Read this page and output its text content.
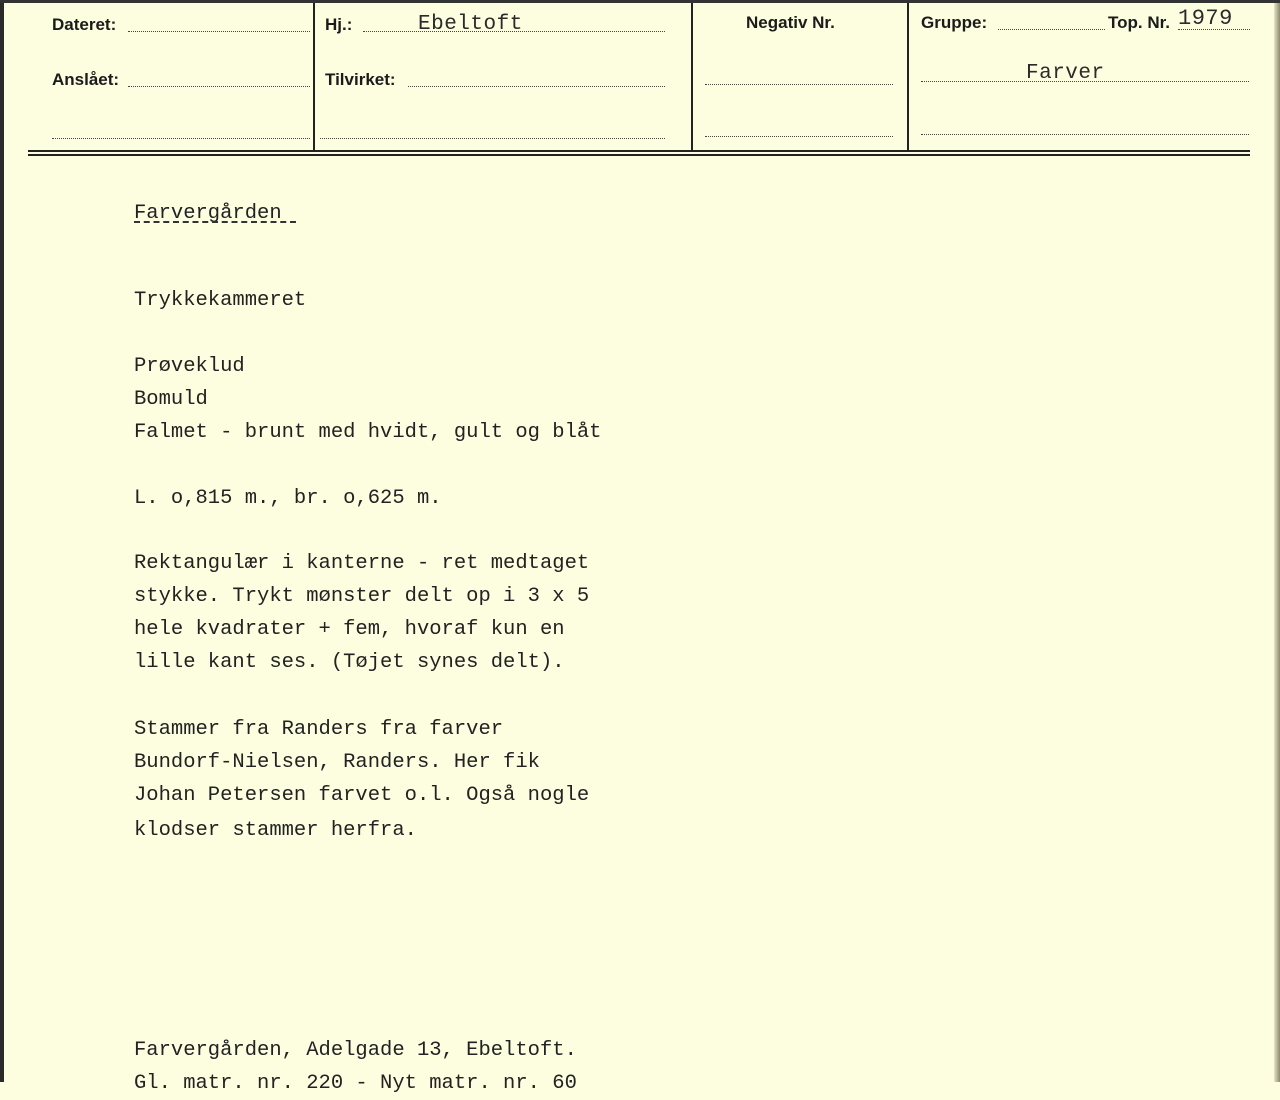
Dateret:
Anslået:
Hj.:	Ebeltoft
Tilvirket:
Negativ Nr.	Gruppe:	Top. Nr. 1979
Farver
Farvergården
Trykkekammeret
Prøveklud
Bomuld
Falmet - brunt med hvidt, gult og blåt
L. o,815 m., br. o,625 m.
Rektangulær i kanterne - ret medtaget
stykke. Trykt mønster delt op i 3 x 5
hele kvadrater + fem, hvoraf kun en
lille kant ses. (Tøjet synes delt).
Stammer fra Randers fra farver
Bundorf-Nielsen, Randers. Her fik
Johan Petersen farvet o.l. Også nogle
klodser stammer herfra.
Farvergården, Adelgade 13, Ebeltoft.
Gl. matr. nr. 220 - Nyt matr. nr. 60
